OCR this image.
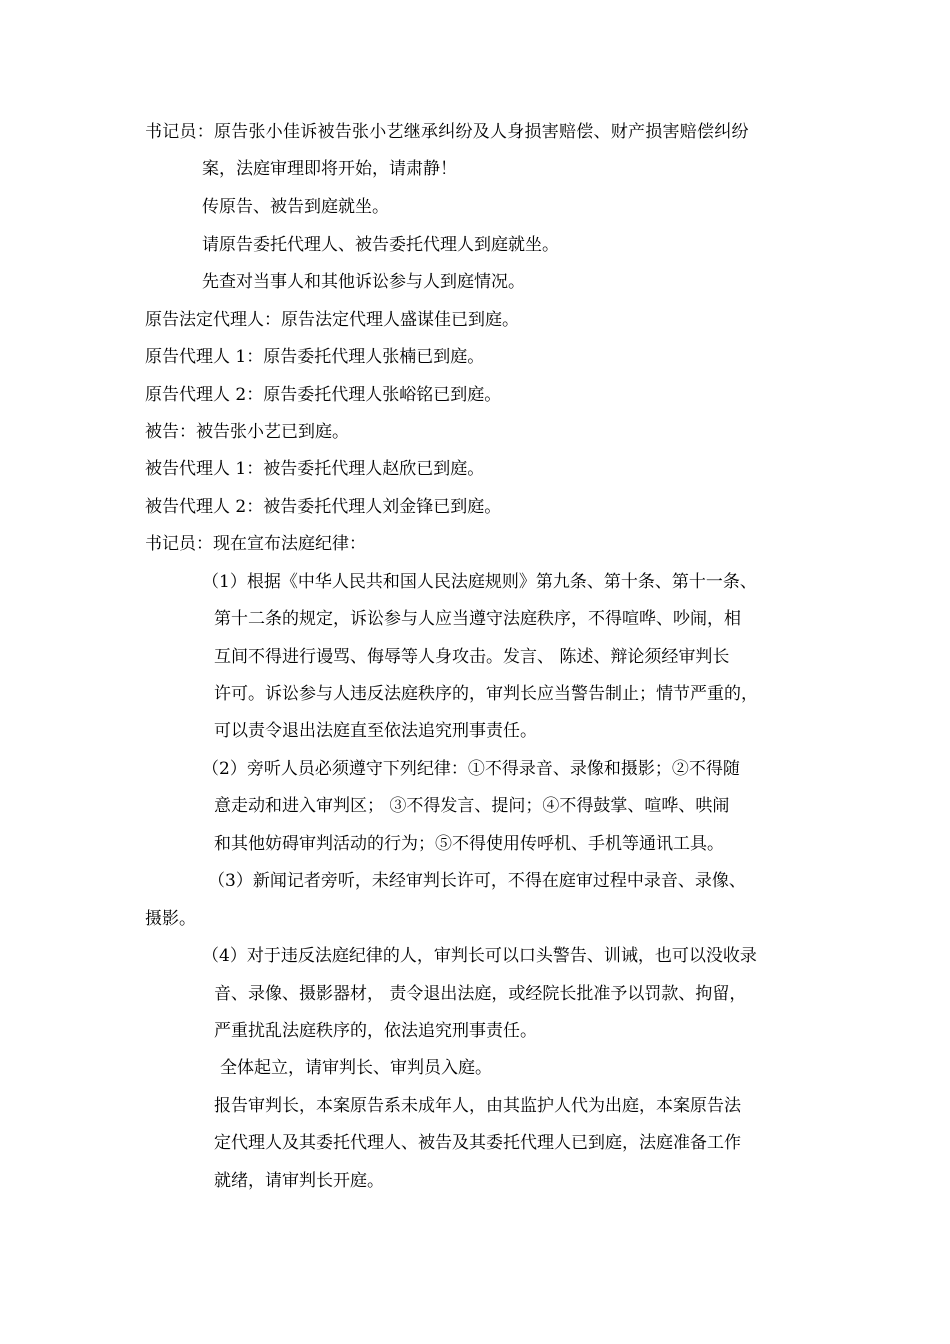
书记员：原告张小佳诉被告张小艺继承纠纷及人身损害赔偿、财产损害赔偿纠纷
案，法庭审理即将开始，请肃静！
传原告、被告到庭就坐。
请原告委托代理人、被告委托代理人到庭就坐。
先查对当事人和其他诉讼参与人到庭情况。
原告法定代理人：原告法定代理人盛谋佳已到庭。
原告代理人 1：原告委托代理人张楠已到庭。
原告代理人 2：原告委托代理人张峪铭已到庭。
被告：被告张小艺已到庭。
被告代理人 1：被告委托代理人赵欣已到庭。
被告代理人 2：被告委托代理人刘金锋已到庭。
书记员：现在宣布法庭纪律：
（1）根据《中华人民共和国人民法庭规则》第九条、第十条、第十一条、
第十二条的规定，诉讼参与人应当遵守法庭秩序，不得喧哗、吵闹，相
互间不得进行谩骂、侮辱等人身攻击。发言、 陈述、辩论须经审判长
许可。诉讼参与人违反法庭秩序的，审判长应当警告制止；情节严重的，
可以责令退出法庭直至依法追究刑事责任。
（2）旁听人员必须遵守下列纪律：①不得录音、录像和摄影；②不得随
意走动和进入审判区； ③不得发言、提问；④不得鼓掌、喧哗、哄闹
和其他妨碍审判活动的行为；⑤不得使用传呼机、手机等通讯工具。
（3）新闻记者旁听，未经审判长许可，不得在庭审过程中录音、录像、
摄影。
（4）对于违反法庭纪律的人，审判长可以口头警告、训诫，也可以没收录
音、录像、摄影器材， 责令退出法庭，或经院长批准予以罚款、拘留，
严重扰乱法庭秩序的，依法追究刑事责任。
全体起立，请审判长、审判员入庭。
报告审判长，本案原告系未成年人，由其监护人代为出庭，本案原告法
定代理人及其委托代理人、被告及其委托代理人已到庭，法庭准备工作
就绪，请审判长开庭。
